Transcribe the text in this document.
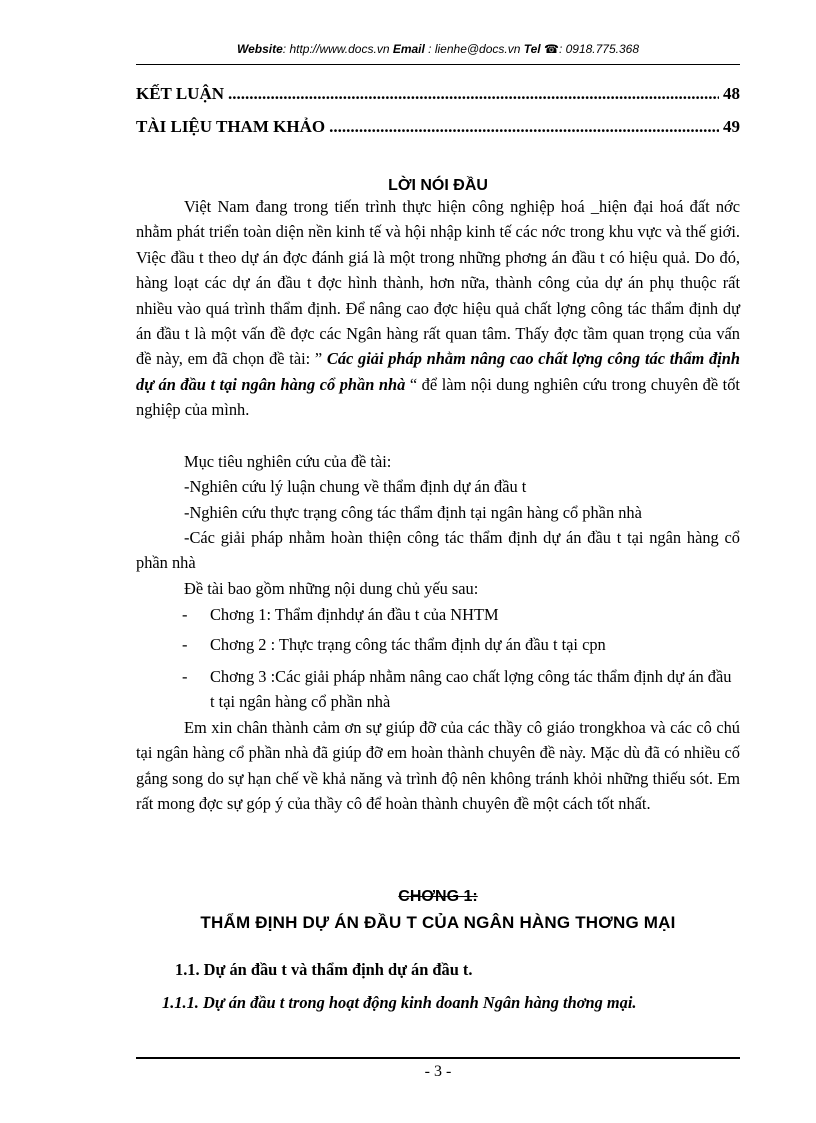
Website: http://www.docs.vn Email : lienhe@docs.vn Tel ☎: 0918.775.368
KẾT LUẬN .....	48
TÀI LIỆU THAM KHẢO .....	49
LỜI NÓI ĐẦU

Việt Nam đang trong tiến trình thực hiện công nghiệp hoá _hiện đại hoá đất nớc nhằm phát triển toàn diện nền kinh tế và hội nhập kinh tế các nớc trong khu vực và thế giới. Việc đầu t theo dự án đợc đánh giá là một trong những phơng án đầu t có hiệu quả. Do đó, hàng loạt các dự án đầu t đợc hình thành, hơn nữa, thành công của dự án phụ thuộc rất nhiều vào quá trình thẩm định. Để nâng cao đợc hiệu quả chất lợng công tác thẩm định dự án đầu t là một vấn đề đợc các Ngân hàng rất quan tâm. Thấy đợc tầm quan trọng của vấn đề này, em đã chọn đề tài: ” Các giải pháp nhằm nâng cao chất lợng công tác thẩm định dự án đầu t tại ngân hàng cổ phần nhà “ để làm nội dung nghiên cứu trong chuyên đề tốt nghiệp của mình.

Mục tiêu nghiên cứu của đề tài:
-Nghiên cứu lý luận chung về thẩm định dự án đầu t
-Nghiên cứu thực trạng công tác thẩm định tại ngân hàng cổ phần nhà

-Các giải pháp nhằm hoàn thiện công tác thẩm định dự án đầu t tại ngân hàng cổ phần nhà

Đề tài bao gồm những nội dung chủ yếu sau:
- Chơng 1: Thẩm địnhdự án đầu t của NHTM
- Chơng 2 : Thực trạng công tác thẩm định dự án đầu t tại cpn
- Chơng 3 :Các giải pháp nhằm nâng cao chất lợng công tác thẩm định dự án đầu t tại ngân hàng cổ phần nhà

Em xin chân thành cảm ơn sự giúp đỡ của các thầy cô giáo trongkhoa và các cô chú tại ngân hàng cổ phần nhà đã giúp đỡ em hoàn thành chuyên đề này. Mặc dù đã có nhiều cố gắng song do sự hạn chế về khả năng và trình độ nên không tránh khỏi những thiếu sót. Em rất mong đợc sự góp ý của thầy cô để hoàn thành chuyên đề một cách tốt nhất.

CHƠNG 1:
THẨM ĐỊNH DỰ ÁN ĐẦU T CỦA NGÂN HÀNG THƠNG MẠI
1.1. Dự án đầu t và thẩm định dự án đầu t.
1.1.1. Dự án đầu t trong hoạt động kinh doanh Ngân hàng thơng mại.
- 3 -
